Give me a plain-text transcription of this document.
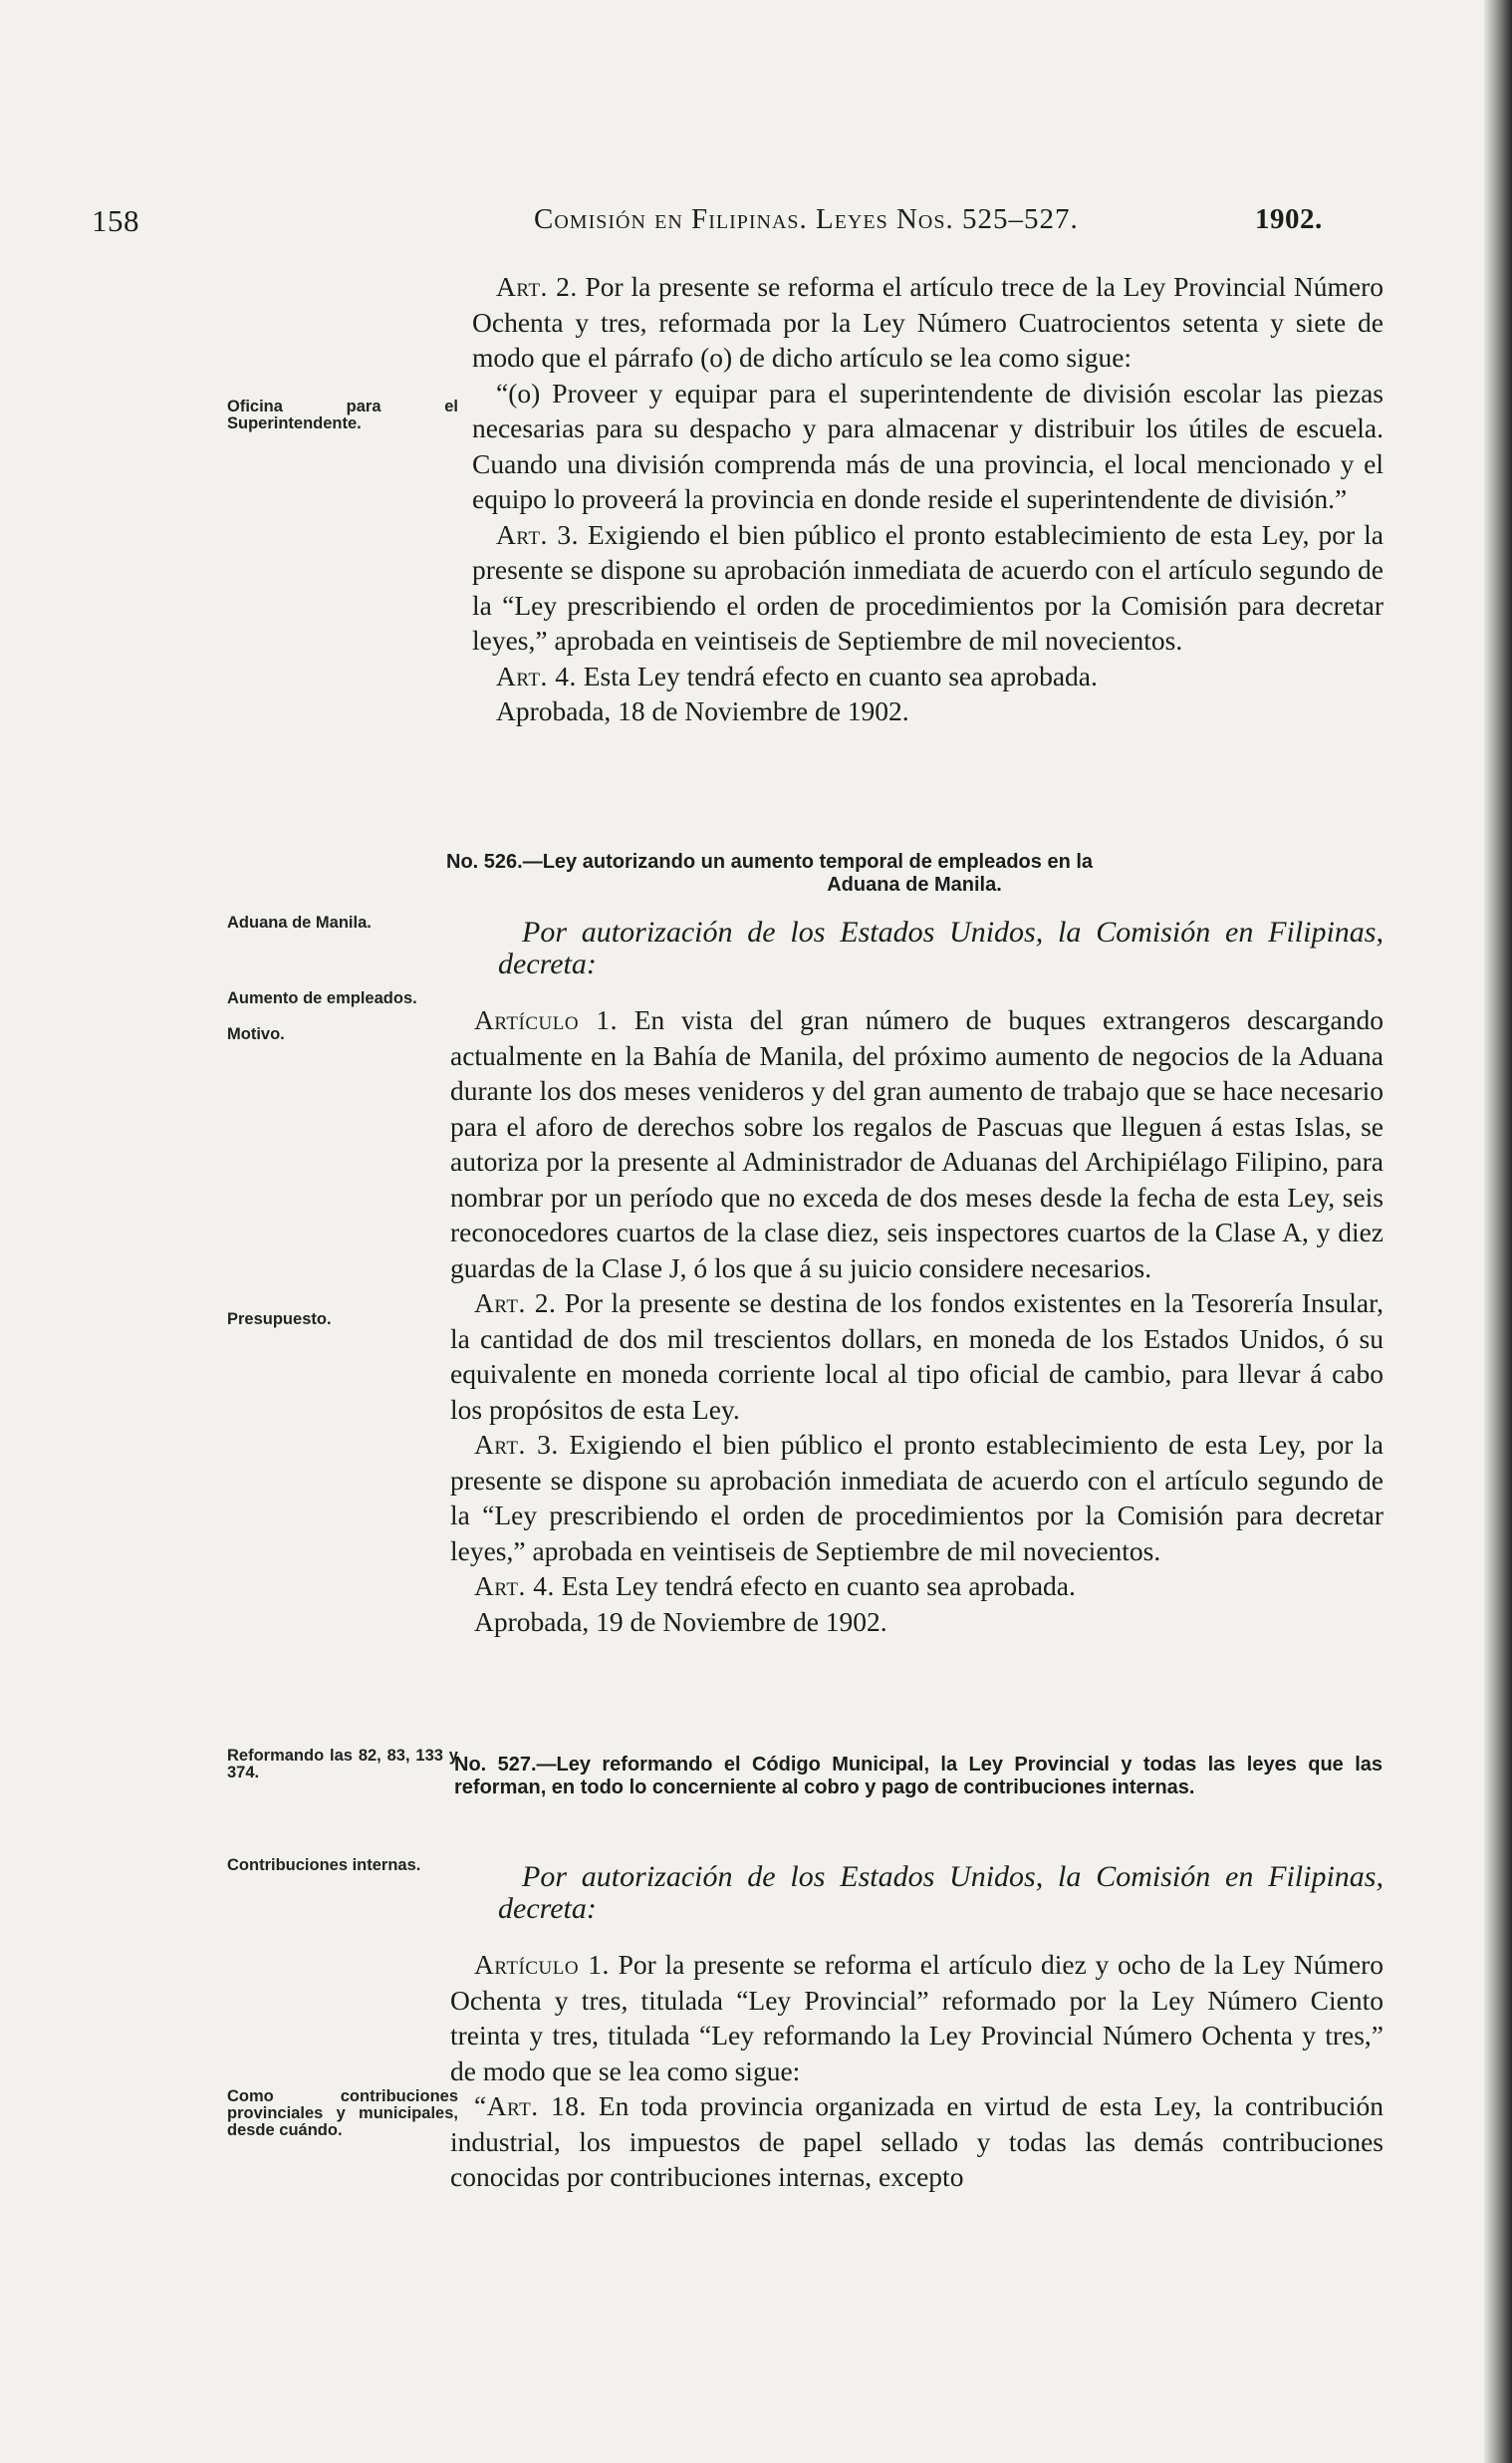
158	Comisión en Filipinas. Leyes Nos. 525–527.	1902.
Oficina para el Superintendente.
Aduana de Manila.
Aumento de empleados.
Motivo.
Presupuesto.
Reformando las 82, 83, 133 y 374.
Contribuciones internas.
Como contribuciones provinciales y municipales, desde cuándo.

Art. 2. Por la presente se reforma el artículo trece de la Ley Provincial Número Ochenta y tres, reformada por la Ley Número Cuatrocientos setenta y siete de modo que el párrafo (o) de dicho artículo se lea como sigue:

“(o) Proveer y equipar para el superintendente de división escolar las piezas necesarias para su despacho y para almacenar y distribuir los útiles de escuela. Cuando una división comprenda más de una provincia, el local mencionado y el equipo lo proveerá la provincia en donde reside el superintendente de división.”

Art. 3. Exigiendo el bien público el pronto establecimiento de esta Ley, por la presente se dispone su aprobación inmediata de acuerdo con el artículo segundo de la “Ley prescribiendo el orden de procedimientos por la Comisión para decretar leyes,” aprobada en veintiseis de Septiembre de mil novecientos.

Art. 4. Esta Ley tendrá efecto en cuanto sea aprobada.

Aprobada, 18 de Noviembre de 1902.

No. 526.—Ley autorizando un aumento temporal de empleados en la
Aduana de Manila.

Por autorización de los Estados Unidos, la Comisión en Filipinas, decreta:

Artículo 1. En vista del gran número de buques extrangeros descargando actualmente en la Bahía de Manila, del próximo aumento de negocios de la Aduana durante los dos meses venideros y del gran aumento de trabajo que se hace necesario para el aforo de derechos sobre los regalos de Pascuas que lleguen á estas Islas, se autoriza por la presente al Administrador de Aduanas del Archipiélago Filipino, para nombrar por un período que no exceda de dos meses desde la fecha de esta Ley, seis reconocedores cuartos de la clase diez, seis inspectores cuartos de la Clase A, y diez guardas de la Clase J, ó los que á su juicio considere necesarios.

Art. 2. Por la presente se destina de los fondos existentes en la Tesorería Insular, la cantidad de dos mil trescientos dollars, en moneda de los Estados Unidos, ó su equivalente en moneda corriente local al tipo oficial de cambio, para llevar á cabo los propósitos de esta Ley.

Art. 3. Exigiendo el bien público el pronto establecimiento de esta Ley, por la presente se dispone su aprobación inmediata de acuerdo con el artículo segundo de la “Ley prescribiendo el orden de procedimientos por la Comisión para decretar leyes,” aprobada en veintiseis de Septiembre de mil novecientos.

Art. 4. Esta Ley tendrá efecto en cuanto sea aprobada.

Aprobada, 19 de Noviembre de 1902.

No. 527.—Ley reformando el Código Municipal, la Ley Provincial y todas las leyes que las reforman, en todo lo concerniente al cobro y pago de contribuciones internas.

Por autorización de los Estados Unidos, la Comisión en Filipinas, decreta:

Artículo 1. Por la presente se reforma el artículo diez y ocho de la Ley Número Ochenta y tres, titulada “Ley Provincial” reformado por la Ley Número Ciento treinta y tres, titulada “Ley reformando la Ley Provincial Número Ochenta y tres,” de modo que se lea como sigue:

“Art. 18. En toda provincia organizada en virtud de esta Ley, la contribución industrial, los impuestos de papel sellado y todas las demás contribuciones conocidas por contribuciones internas, excepto
